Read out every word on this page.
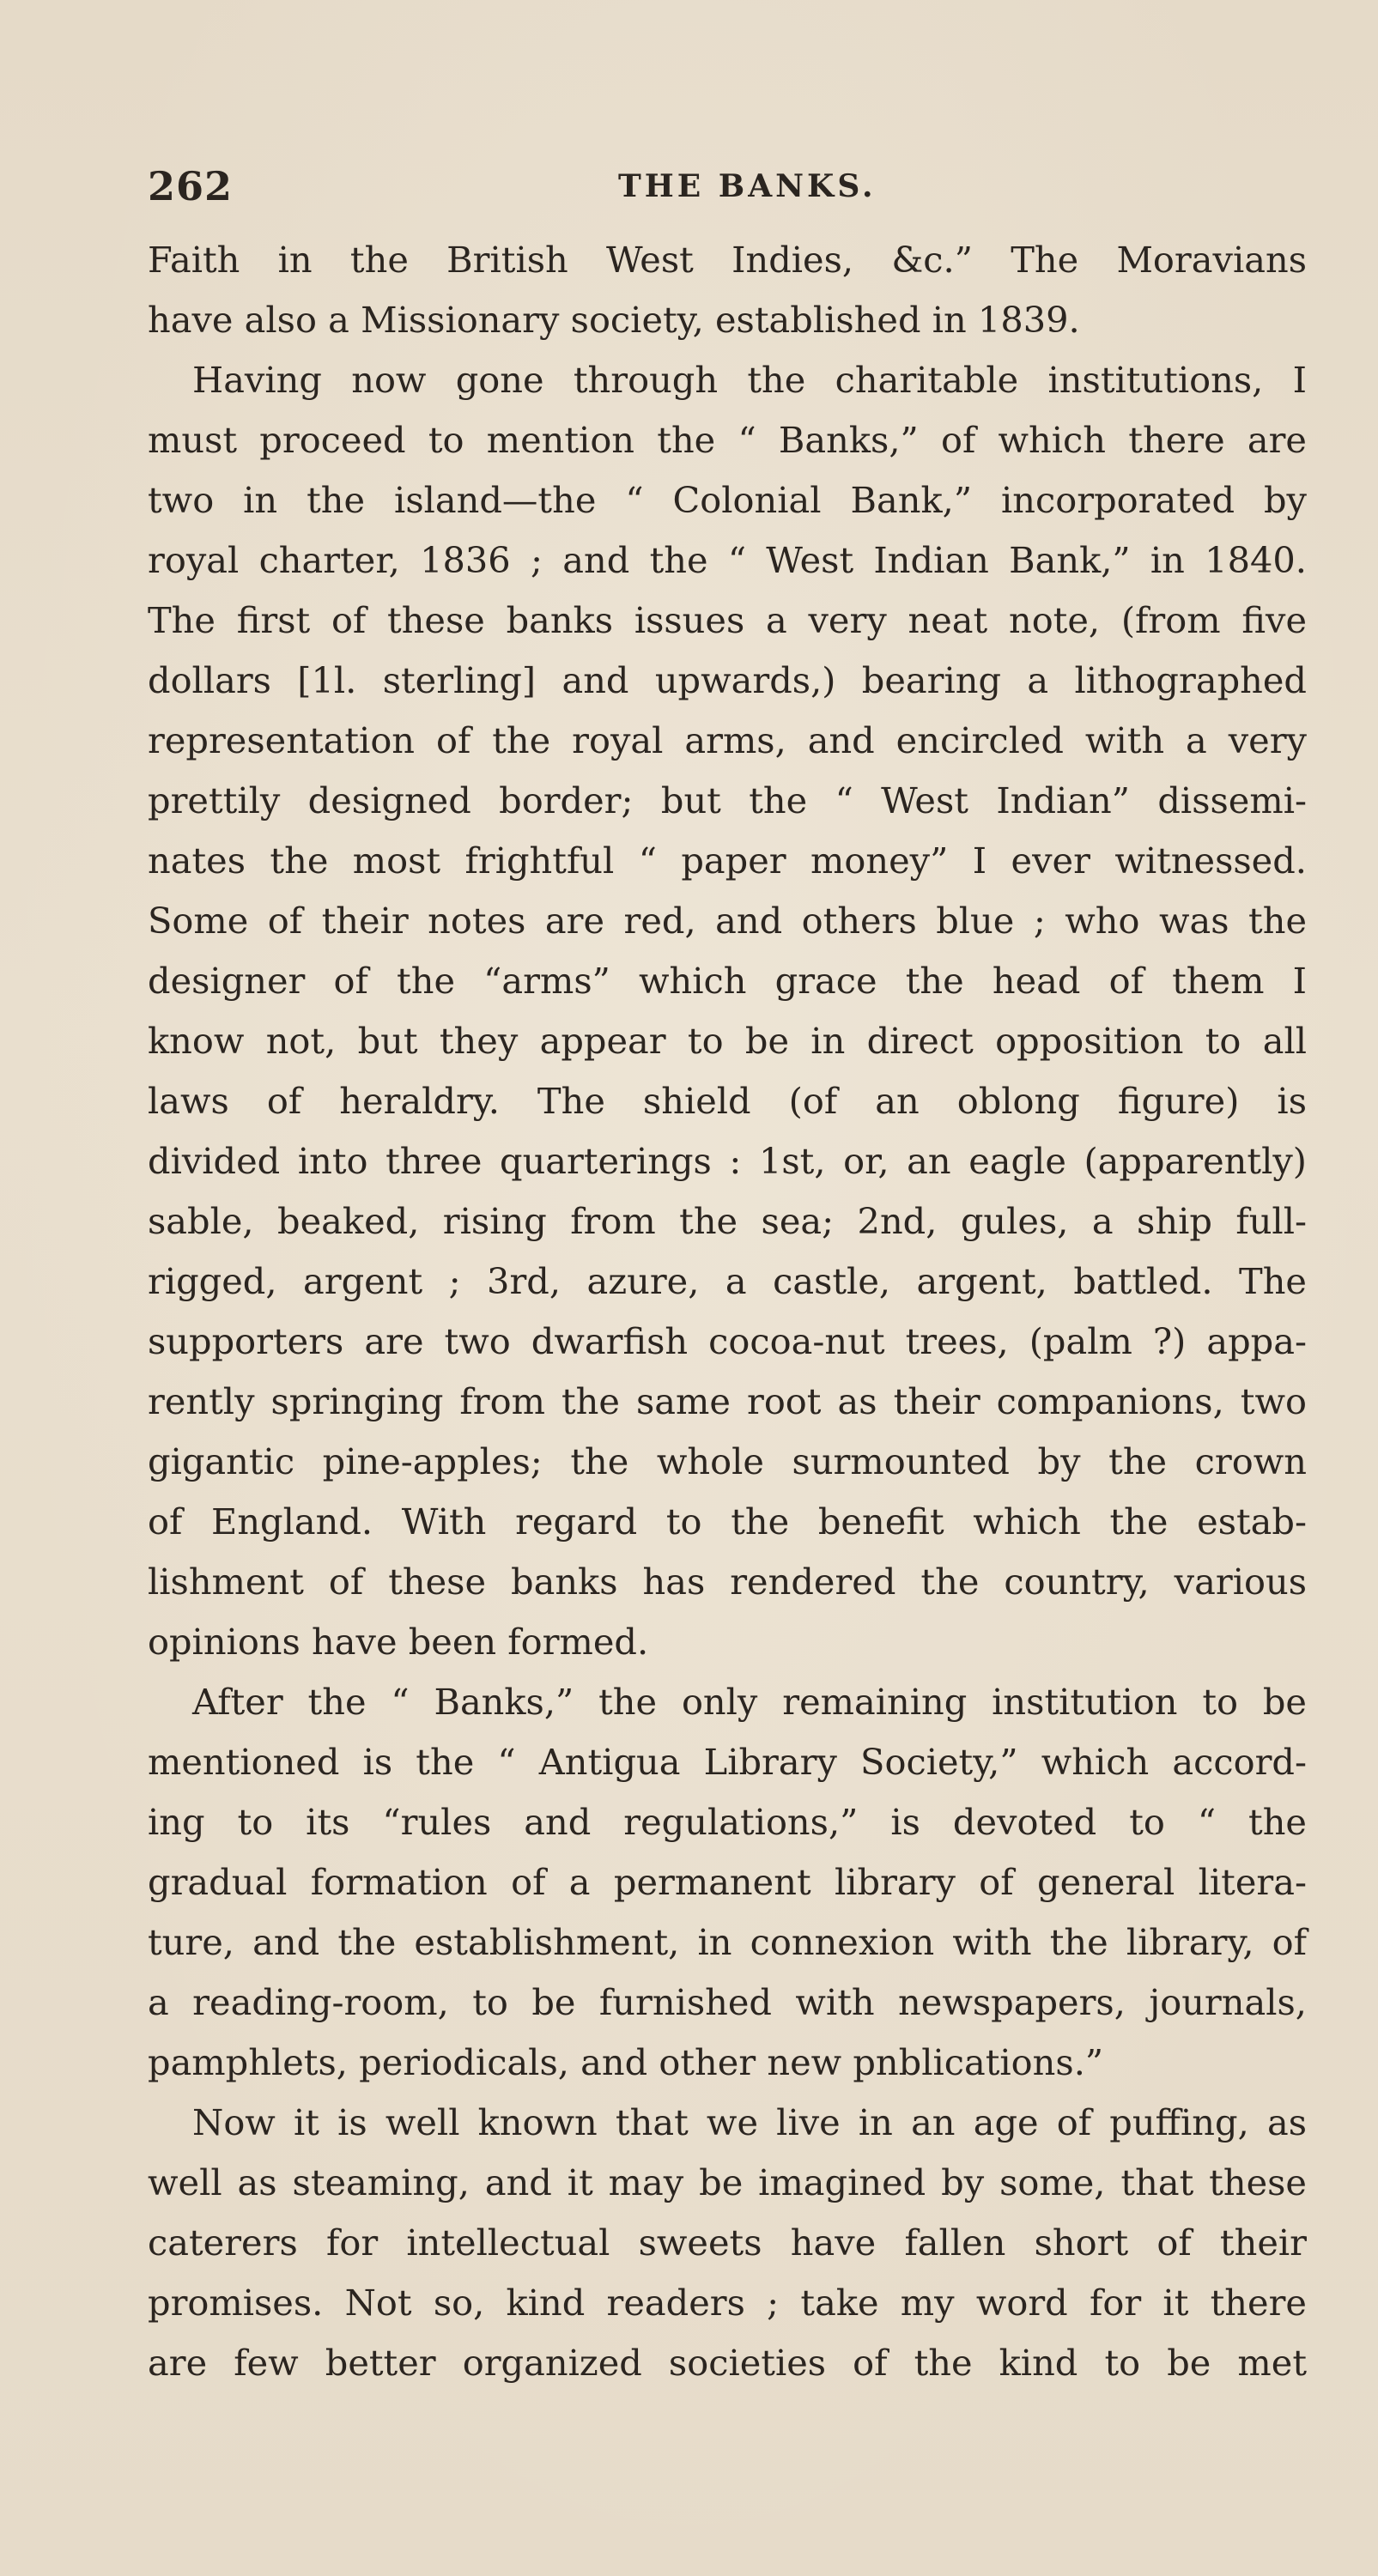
262	THE BANKS.
Faith in the British West Indies, &c.” The Moravians
have also a Missionary society, established in 1839.
Having now gone through the charitable institutions, I
must proceed to mention the “ Banks,” of which there are
two in the island—the “ Colonial Bank,” incorporated by
royal charter, 1836 ; and the “ West Indian Bank,” in 1840.
The first of these banks issues a very neat note, (from five
dollars [1l. sterling] and upwards,) bearing a lithographed
representation of the royal arms, and encircled with a very
prettily designed border; but the “ West Indian” dissemi-
nates the most frightful “ paper money” I ever witnessed.
Some of their notes are red, and others blue ; who was the
designer of the “arms” which grace the head of them I
know not, but they appear to be in direct opposition to all
laws of heraldry. The shield (of an oblong figure) is
divided into three quarterings : 1st, or, an eagle (apparently)
sable, beaked, rising from the sea; 2nd, gules, a ship full-
rigged, argent ; 3rd, azure, a castle, argent, battled. The
supporters are two dwarfish cocoa-nut trees, (palm ?) appa-
rently springing from the same root as their companions, two
gigantic pine-apples; the whole surmounted by the crown
of England. With regard to the benefit which the estab-
lishment of these banks has rendered the country, various
opinions have been formed.
After the “ Banks,” the only remaining institution to be
mentioned is the “ Antigua Library Society,” which accord-
ing to its “rules and regulations,” is devoted to “ the
gradual formation of a permanent library of general litera-
ture, and the establishment, in connexion with the library, of
a reading-room, to be furnished with newspapers, journals,
pamphlets, periodicals, and other new pnblications.”
Now it is well known that we live in an age of puffing, as
well as steaming, and it may be imagined by some, that these
caterers for intellectual sweets have fallen short of their
promises. Not so, kind readers ; take my word for it there
are few better organized societies of the kind to be met
